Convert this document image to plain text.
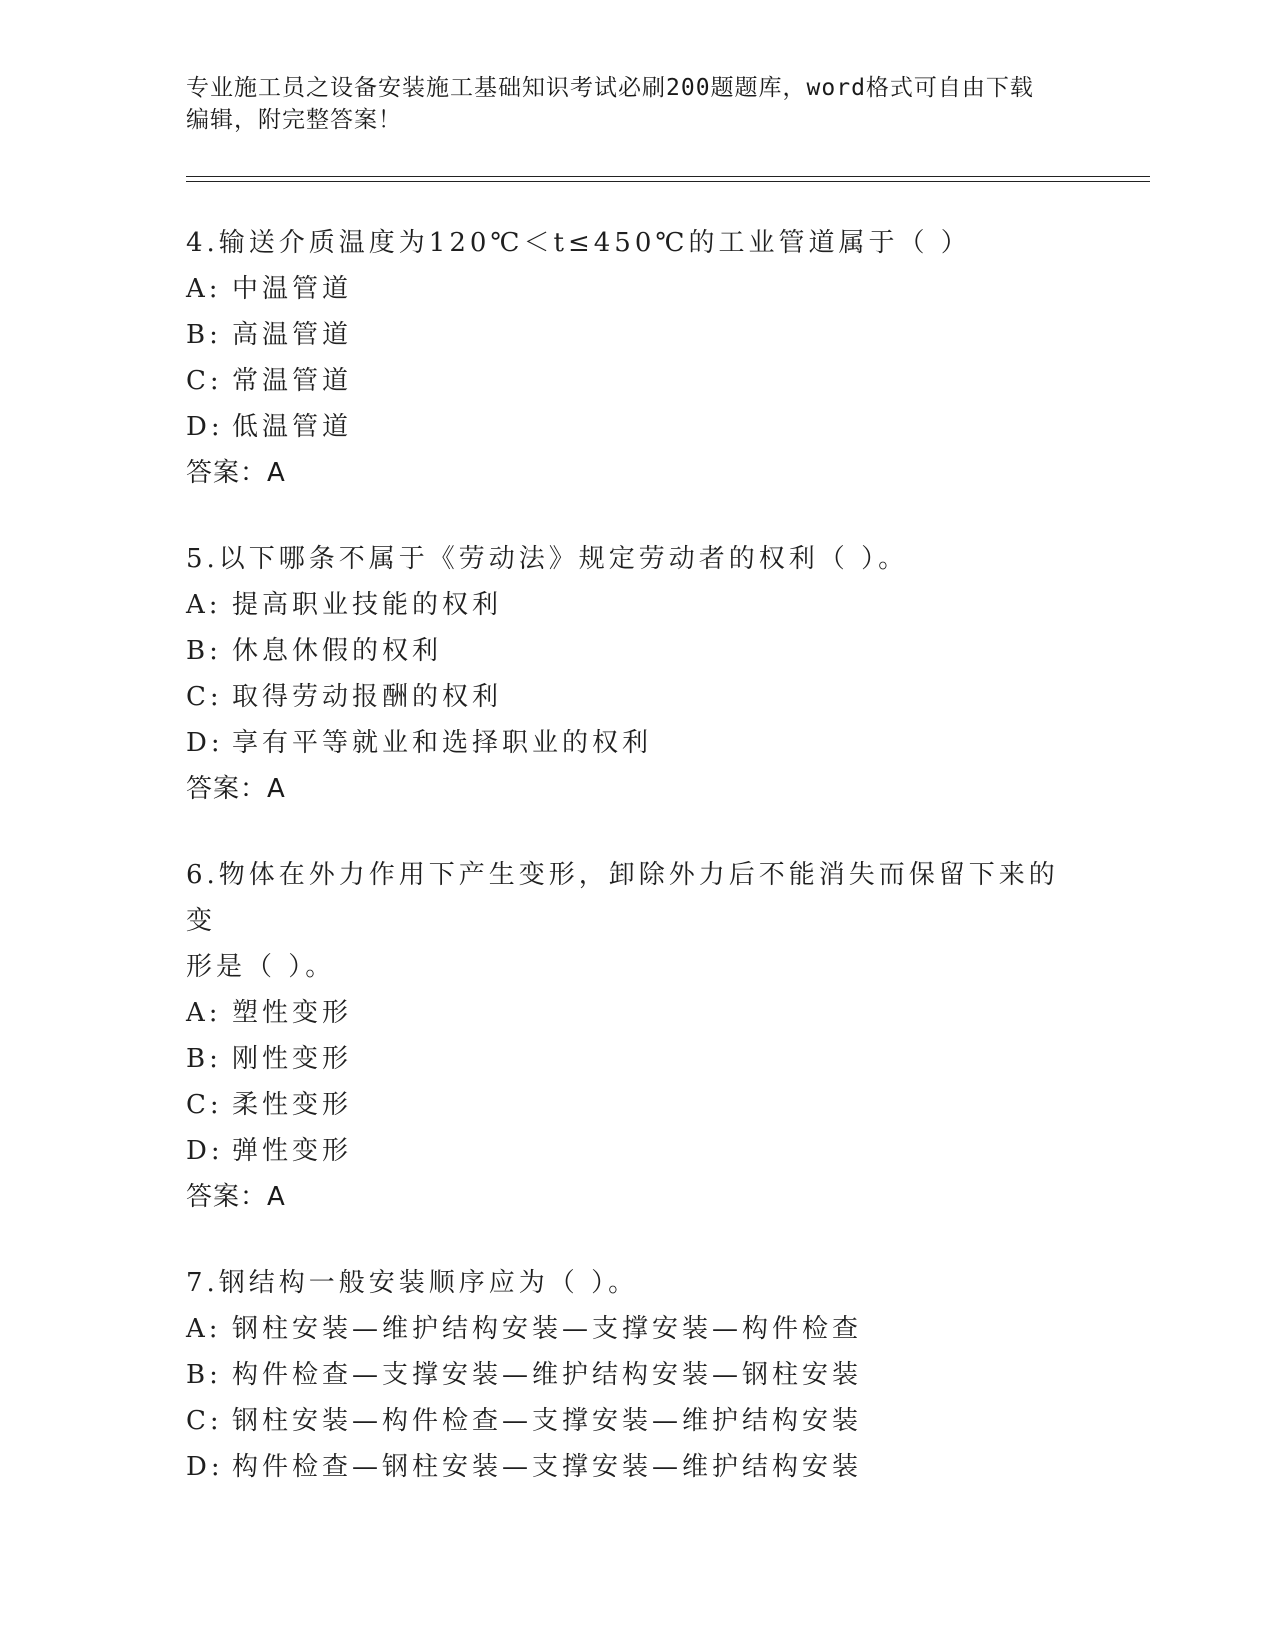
专业施工员之设备安装施工基础知识考试必刷200题题库，word格式可自由下载
编辑，附完整答案！
4.输送介质温度为120℃＜t≤450℃的工业管道属于（ ）
A: 中温管道
B: 高温管道
C: 常温管道
D: 低温管道
答案：A
5.以下哪条不属于《劳动法》规定劳动者的权利（ ）。
A: 提高职业技能的权利
B: 休息休假的权利
C: 取得劳动报酬的权利
D: 享有平等就业和选择职业的权利
答案：A
6.物体在外力作用下产生变形，卸除外力后不能消失而保留下来的变
形是（ ）。
A: 塑性变形
B: 刚性变形
C: 柔性变形
D: 弹性变形
答案：A
7.钢结构一般安装顺序应为（ ）。
A: 钢柱安装—维护结构安装—支撑安装—构件检查
B: 构件检查—支撑安装—维护结构安装—钢柱安装
C: 钢柱安装—构件检查—支撑安装—维护结构安装
D: 构件检查—钢柱安装—支撑安装—维护结构安装
